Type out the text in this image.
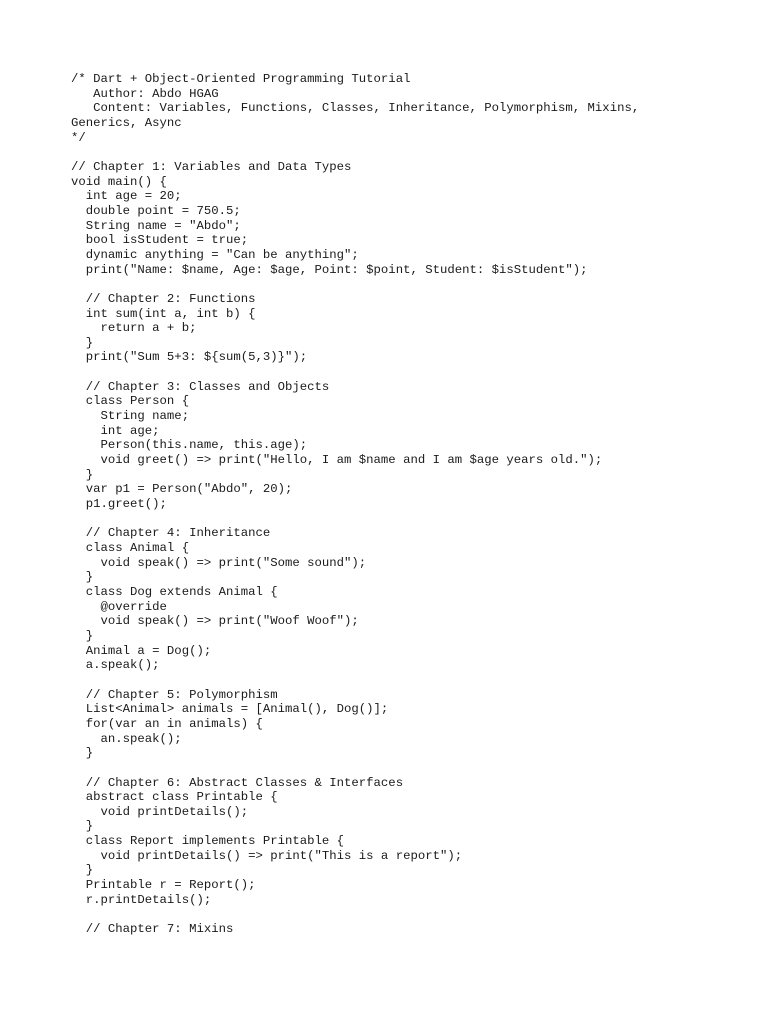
/* Dart + Object-Oriented Programming Tutorial
Author: Abdo HGAG
Content: Variables, Functions, Classes, Inheritance, Polymorphism, Mixins,
Generics, Async
*/
// Chapter 1: Variables and Data Types
void main() {
int age = 20;
double point = 750.5;
String name = "Abdo";
bool isStudent = true;
dynamic anything = "Can be anything";
print("Name: $name, Age: $age, Point: $point, Student: $isStudent");
// Chapter 2: Functions
int sum(int a, int b) {
return a + b;
}
print("Sum 5+3: ${sum(5,3)}");
// Chapter 3: Classes and Objects
class Person {
String name;
int age;
Person(this.name, this.age);
void greet() => print("Hello, I am $name and I am $age years old.");
}
var p1 = Person("Abdo", 20);
p1.greet();
// Chapter 4: Inheritance
class Animal {
void speak() => print("Some sound");
}
class Dog extends Animal {
@override
void speak() => print("Woof Woof");
}
Animal a = Dog();
a.speak();
// Chapter 5: Polymorphism
List<Animal> animals = [Animal(), Dog()];
for(var an in animals) {
an.speak();
}
// Chapter 6: Abstract Classes & Interfaces
abstract class Printable {
void printDetails();
}
class Report implements Printable {
void printDetails() => print("This is a report");
}
Printable r = Report();
r.printDetails();
// Chapter 7: Mixins
